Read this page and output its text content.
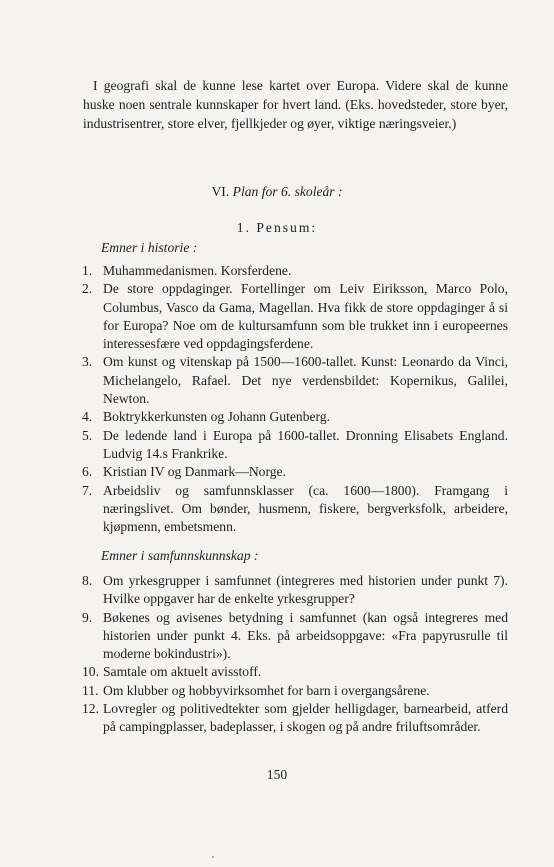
I geografi skal de kunne lese kartet over Europa. Videre skal de kunne huske noen sentrale kunnskaper for hvert land. (Eks. hovedsteder, store byer, industrisentrer, store elver, fjellkjeder og øyer, viktige næringsveier.)

VI. Plan for 6. skoleår :
1. Pensum:
Emner i historie :
1. Muhammedanismen. Korsferdene.
2. De store oppdaginger. Fortellinger om Leiv Eiriksson, Marco Polo, Columbus, Vasco da Gama, Magellan. Hva fikk de store oppdaginger å si for Europa? Noe om de kultursamfunn som ble trukket inn i europeernes interessesfære ved oppdagingsferdene.
3. Om kunst og vitenskap på 1500—1600-tallet. Kunst: Leonardo da Vinci, Michelangelo, Rafael. Det nye verdensbildet: Kopernikus, Galilei, Newton.
4. Boktrykkerkunsten og Johann Gutenberg.
5. De ledende land i Europa på 1600-tallet. Dronning Elisabets England. Ludvig 14.s Frankrike.
6. Kristian IV og Danmark—Norge.
7. Arbeidsliv og samfunnsklasser (ca. 1600—1800). Framgang i næringslivet. Om bønder, husmenn, fiskere, bergverksfolk, arbeidere, kjøpmenn, embetsmenn.
Emner i samfunnskunnskap :
8. Om yrkesgrupper i samfunnet (integreres med historien under punkt 7). Hvilke oppgaver har de enkelte yrkesgrupper?
9. Bøkenes og avisenes betydning i samfunnet (kan også integreres med historien under punkt 4. Eks. på arbeidsoppgave: «Fra papyrusrulle til moderne bokindustri»).
10. Samtale om aktuelt avisstoff.
11. Om klubber og hobbyvirksomhet for barn i overgangsårene.
12. Lovregler og politivedtekter som gjelder helligdager, barnearbeid, atferd på campingplasser, badeplasser, i skogen og på andre friluftsområder.
150
